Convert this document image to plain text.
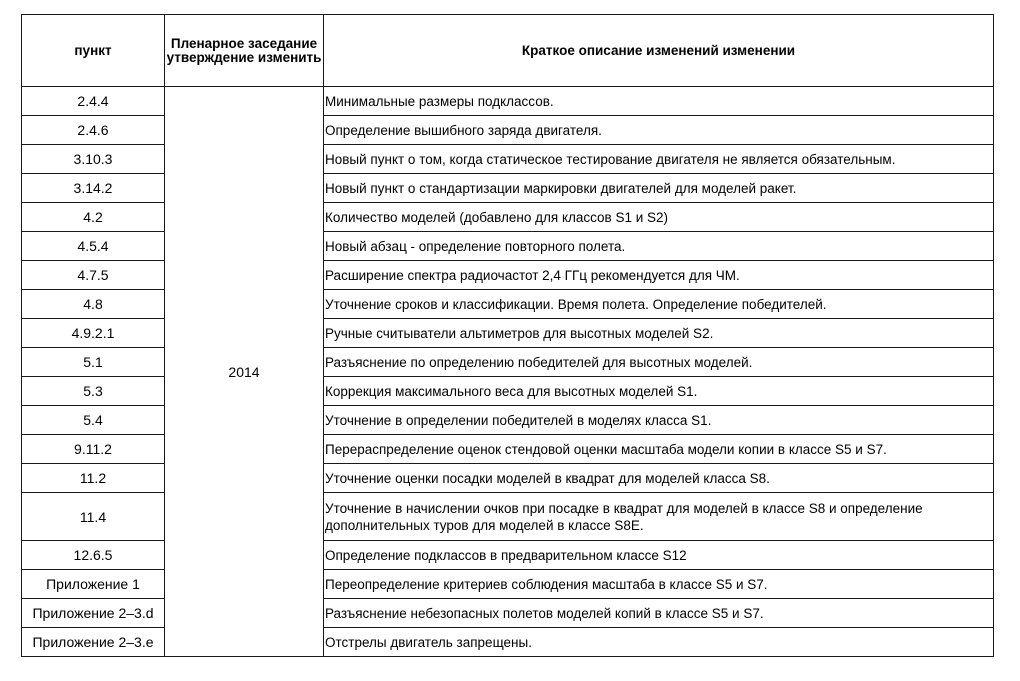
пункт	Пленарное заседание утверждение изменить	Краткое описание изменений изменении
2.4.4	2014	Минимальные размеры подклассов.
2.4.6		Определение вышибного заряда двигателя.
3.10.3		Новый пункт о том, когда статическое тестирование двигателя не является обязательным.
3.14.2		Новый пункт о стандартизации маркировки двигателей для моделей ракет.
4.2		Количество моделей (добавлено для классов S1 и S2)
4.5.4		Новый абзац - определение повторного полета.
4.7.5		Расширение спектра радиочастот 2,4 ГГц рекомендуется для ЧМ.
4.8		Уточнение сроков и классификации. Время полета. Определение победителей.
4.9.2.1		Ручные считыватели альтиметров для высотных моделей S2.
5.1		Разъяснение по определению победителей для высотных моделей.
5.3		Коррекция максимального веса для высотных моделей S1.
5.4		Уточнение в определении победителей в моделях класса S1.
9.11.2		Перераспределение оценок стендовой оценки масштаба модели копии в классе S5 и S7.
11.2		Уточнение оценки посадки моделей в квадрат для моделей класса S8.
11.4		Уточнение в начислении очков при посадке в квадрат для моделей в классе S8 и определение дополнительных туров для моделей в классе S8E.
12.6.5		Определение подклассов в предварительном классе S12
Приложение 1		Переопределение критериев соблюдения масштаба в классе S5 и S7.
Приложение 2–3.d		Разъяснение небезопасных полетов моделей копий в классе S5 и S7.
Приложение 2–3.e		Отстрелы двигатель запрещены.
